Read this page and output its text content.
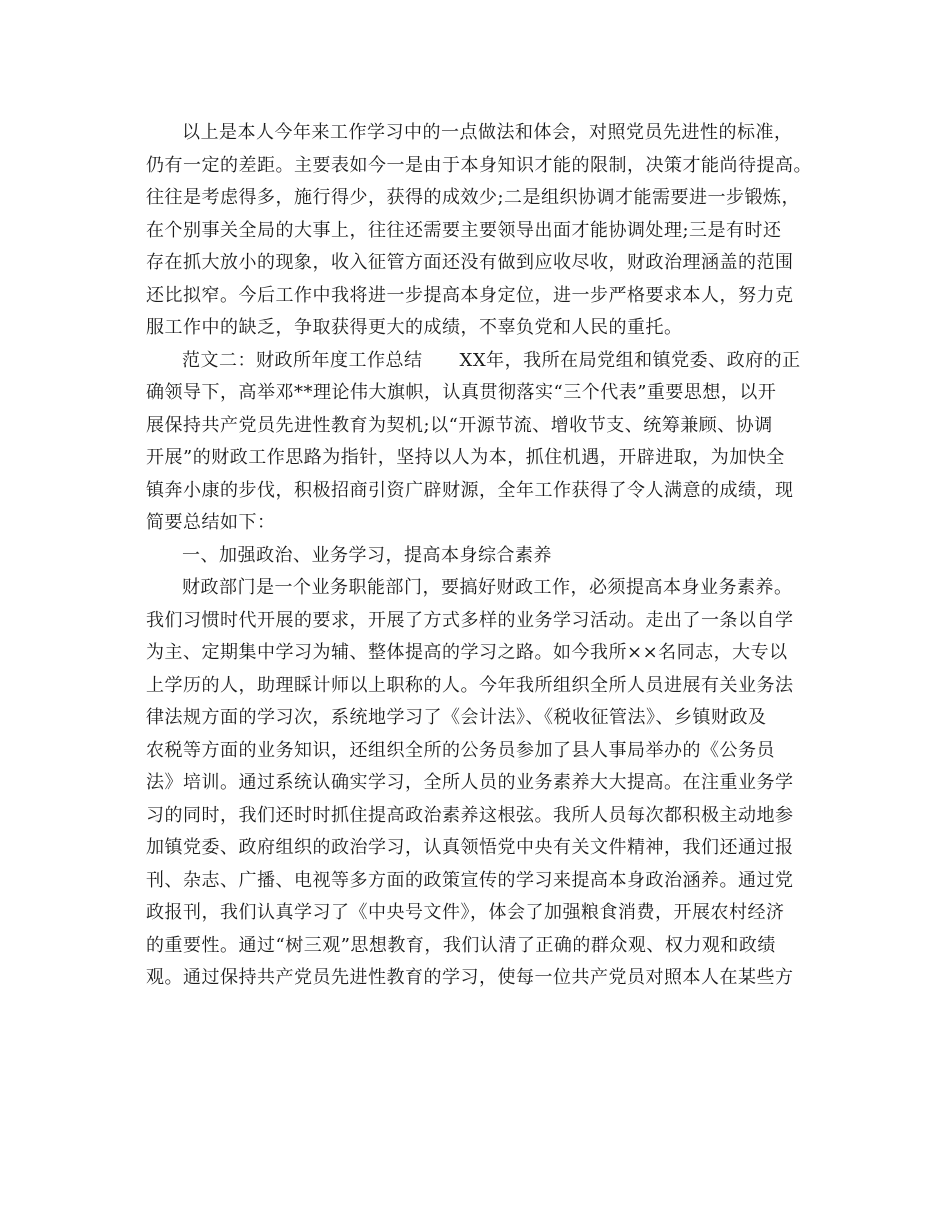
以上是本人今年来工作学习中的一点做法和体会，对照党员先进性的标准，
仍有一定的差距。主要表如今一是由于本身知识才能的限制，决策才能尚待提高。
往往是考虑得多，施行得少，获得的成效少;二是组织协调才能需要进一步锻炼，
在个别事关全局的大事上，往往还需要主要领导出面才能协调处理;三是有时还
存在抓大放小的现象，收入征管方面还没有做到应收尽收，财政治理涵盖的范围
还比拟窄。今后工作中我将进一步提高本身定位，进一步严格要求本人，努力克
服工作中的缺乏，争取获得更大的成绩，不辜负党和人民的重托。
范文二：财政所年度工作总结　　XX年，我所在局党组和镇党委、政府的正
确领导下，高举邓**理论伟大旗帜，认真贯彻落实“三个代表”重要思想，以开
展保持共产党员先进性教育为契机;以“开源节流、增收节支、统筹兼顾、协调
开展”的财政工作思路为指针，坚持以人为本，抓住机遇，开辟进取，为加快全
镇奔小康的步伐，积极招商引资广辟财源，全年工作获得了令人满意的成绩，现
简要总结如下：
一、加强政治、业务学习，提高本身综合素养
财政部门是一个业务职能部门，要搞好财政工作，必须提高本身业务素养。
我们习惯时代开展的要求，开展了方式多样的业务学习活动。走出了一条以自学
为主、定期集中学习为辅、整体提高的学习之路。如今我所××名同志，大专以
上学历的人，助理睬计师以上职称的人。今年我所组织全所人员进展有关业务法
律法规方面的学习次，系统地学习了《会计法》、《税收征管法》、乡镇财政及
农税等方面的业务知识，还组织全所的公务员参加了县人事局举办的《公务员
法》培训。通过系统认确实学习，全所人员的业务素养大大提高。在注重业务学
习的同时，我们还时时抓住提高政治素养这根弦。我所人员每次都积极主动地参
加镇党委、政府组织的政治学习，认真领悟党中央有关文件精神，我们还通过报
刊、杂志、广播、电视等多方面的政策宣传的学习来提高本身政治涵养。通过党
政报刊，我们认真学习了《中央号文件》，体会了加强粮食消费，开展农村经济
的重要性。通过“树三观”思想教育，我们认清了正确的群众观、权力观和政绩
观。通过保持共产党员先进性教育的学习，使每一位共产党员对照本人在某些方
